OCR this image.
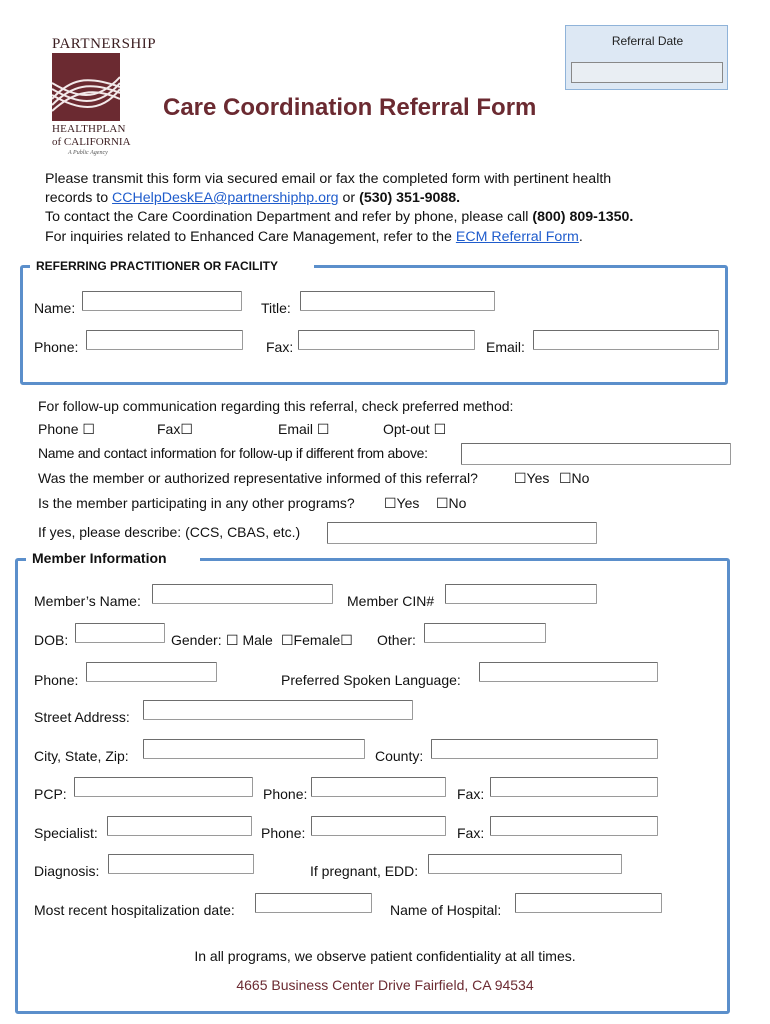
PARTNERSHIP
HEALTHPLAN
of CALIFORNIA
A Public Agency
Care Coordination Referral Form
Referral Date
Please transmit this form via secured email or fax the completed form with pertinent health
records to CCHelpDeskEA@partnershiphp.org or (530) 351-9088.
To contact the Care Coordination Department and refer by phone, please call (800) 809-1350.
For inquiries related to Enhanced Care Management, refer to the ECM Referral Form.
REFERRING PRACTITIONER OR FACILITY
Name:	Title:
Phone:	Fax:	Email:
For follow-up communication regarding this referral, check preferred method:
Phone ☐	Fax☐	Email ☐	Opt-out ☐
Name and contact information for follow-up if different from above:
Was the member or authorized representative informed of this referral?	☐Yes ☐No
Is the member participating in any other programs? ☐Yes ☐No
If yes, please describe: (CCS, CBAS, etc.)
Member Information
Member’s Name:	Member CIN#
DOB:	Gender: ☐ Male ☐Female☐ Other:
Phone:	Preferred Spoken Language:
Street Address:
City, State, Zip:	County:
PCP:	Phone:	Fax:
Specialist:	Phone:	Fax:
Diagnosis:	If pregnant, EDD:
Most recent hospitalization date:	Name of Hospital:
In all programs, we observe patient confidentiality at all times.
4665 Business Center Drive Fairfield, CA 94534
